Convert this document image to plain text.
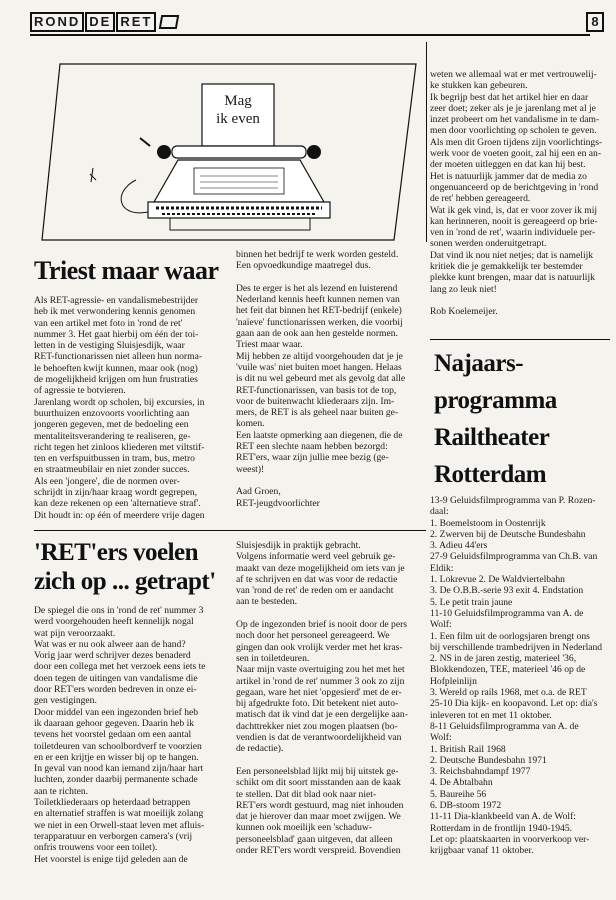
ROND DE RET	8
Mag
ik even
Triest maar waar
Als RET-agressie- en vandalismebestrijder
heb ik met verwondering kennis genomen
van een artikel met foto in 'rond de ret'
nummer 3. Het gaat hierbij om één der toi-
letten in de vestiging Sluisjesdijk, waar
RET-functionarissen niet alleen hun norma-
le behoeften kwijt kunnen, maar ook (nog)
de mogelijkheid krijgen om hun frustraties
of agressie te botvieren.
Jarenlang wordt op scholen, bij excursies, in
buurthuizen enzovoorts voorlichting aan
jongeren gegeven, met de bedoeling een
mentaliteitsverandering te realiseren, ge-
richt tegen het zinloos kliederen met viltstif-
ten en verfspuitbussen in tram, bus, metro
en straatmeubilair en niet zonder succes.
Als een 'jongere', die de normen over-
schrijdt in zijn/haar kraag wordt gegrepen,
kan deze rekenen op een 'alternatieve straf'.
Dit houdt in: op één of meerdere vrije dagen
binnen het bedrijf te werk worden gesteld.
Een opvoedkundige maatregel dus.

Des te erger is het als lezend en luisterend
Nederland kennis heeft kunnen nemen van
het feit dat binnen het RET-bedrijf (enkele)
'naïeve' functionarissen werken, die voorbij
gaan aan de ook aan hen gestelde normen.
Triest maar waar.
Mij hebben ze altijd voorgehouden dat je je
'vuile was' niet buiten moet hangen. Helaas
is dit nu wel gebeurd met als gevolg dat alle
RET-functionarissen, van basis tot de top,
voor de buitenwacht kliederaars zijn. Im-
mers, de RET is als geheel naar buiten ge-
komen.
Een laatste opmerking aan diegenen, die de
RET een slechte naam hebben bezorgd:
RET'ers, waar zijn jullie mee bezig (ge-
weest)!

Aad Groen,
RET-jeugdvoorlichter
'RET'ers voelen
zich op ... getrapt'
De spiegel die ons in 'rond de ret' nummer 3
werd voorgehouden heeft kennelijk nogal
wat pijn veroorzaakt.
Wat was er nu ook alweer aan de hand?
Vorig jaar werd schrijver dezes benaderd
door een collega met het verzoek eens iets te
doen tegen de uitingen van vandalisme die
door RET'ers worden bedreven in onze ei-
gen vestigingen.
Door middel van een ingezonden brief heb
ik daaraan gehoor gegeven. Daarin heb ik
tevens het voorstel gedaan om een aantal
toiletdeuren van schoolbordverf te voorzien
en er een krijtje en wisser bij op te hangen.
In geval van nood kan iemand zijn/haar hart
luchten, zonder daarbij permanente schade
aan te richten.
Toiletkliederaars op heterdaad betrappen
en alternatief straffen is wat moeilijk zolang
we niet in een Orwell-staat leven met afluis-
terapparatuur en verborgen camera's (vrij
onfris trouwens voor een toilet).
Het voorstel is enige tijd geleden aan de
Sluisjesdijk in praktijk gebracht.
Volgens informatie werd veel gebruik ge-
maakt van deze mogelijkheid om iets van je
af te schrijven en dat was voor de redactie
van 'rond de ret' de reden om er aandacht
aan te besteden.

Op de ingezonden brief is nooit door de pers
noch door het personeel gereageerd. We
gingen dan ook vrolijk verder met het kras-
sen in toiletdeuren.
Naar mijn vaste overtuiging zou het met het
artikel in 'rond de ret' nummer 3 ook zo zijn
gegaan, ware het niet 'opgesierd' met de er-
bij afgedrukte foto. Dit betekent niet auto-
matisch dat ik vind dat je een dergelijke aan-
dachttrekker niet zou mogen plaatsen (bo-
vendien is dat de verantwoordelijkheid van
de redactie).

Een personeelsblad lijkt mij bij uitstek ge-
schikt om dit soort misstanden aan de kaak
te stellen. Dat dit blad ook naar niet-
RET'ers wordt gestuurd, mag niet inhouden
dat je hierover dan maar moet zwijgen. We
kunnen ook moeilijk een 'schaduw-
personeelsblad' gaan uitgeven, dat alleen
onder RET'ers wordt verspreid. Bovendien
weten we allemaal wat er met vertrouwelij-
ke stukken kan gebeuren.
Ik begrijp best dat het artikel hier en daar
zeer doet; zeker als je je jarenlang met al je
inzet probeert om het vandalisme in te dam-
men door voorlichting op scholen te geven.
Als men dit Groen tijdens zijn voorlichtings-
werk voor de voeten gooit, zal hij een en an-
der moeten uitleggen en dat kan hij best.
Het is natuurlijk jammer dat de media zo
ongenuanceerd op de berichtgeving in 'rond
de ret' hebben gereageerd.
Wat ik gek vind, is, dat er voor zover ik mij
kan herinneren, nooit is gereageerd op brie-
ven in 'rond de ret', waarin individuele per-
sonen werden onderuitgetrapt.
Dat vind ik nou niet netjes; dat is namelijk
kritiek die je gemakkelijk ter bestemder
plekke kunt brengen, maar dat is natuurlijk
lang zo leuk niet!

Rob Koelemeijer.
Najaars-
programma
Railtheater
Rotterdam
13-9 Geluidsfilmprogramma van P. Rozen-
daal:
1. Boemelstoom in Oostenrijk
2. Zwerven bij de Deutsche Bundesbahn
3. Adieu 44'ers
27-9 Geluidsfilmprogramma van Ch.B. van
Eldik:
1. Lokrevue 2. De Waldviertelbahn
3. De O.B.B.-serie 93 exit 4. Endstation
5. Le petit train jaune
11-10 Geluidsfilmprogramma van A. de
Wolf:
1. Een film uit de oorlogsjaren brengt ons
bij verschillende trambedrijven in Nederland
2. NS in de jaren zestig, materieel '36,
Blokkendozen, TEE, materieel '46 op de
Hofpleinlijn
3. Wereld op rails 1968, met o.a. de RET
25-10 Dia kijk- en koopavond. Let op: dia's
inleveren tot en met 11 oktober.
8-11 Geluidsfilmprogramma van A. de
Wolf:
1. British Rail 1968
2. Deutsche Bundesbahn 1971
3. Reichsbahndampf 1977
4. De Abtalbahn
5. Baureihe 56
6. DB-stoom 1972
11-11 Dia-klankbeeld van A. de Wolf:
Rotterdam in de frontlijn 1940-1945.
Let op: plaatskaarten in voorverkoop ver-
krijgbaar vanaf 11 oktober.
